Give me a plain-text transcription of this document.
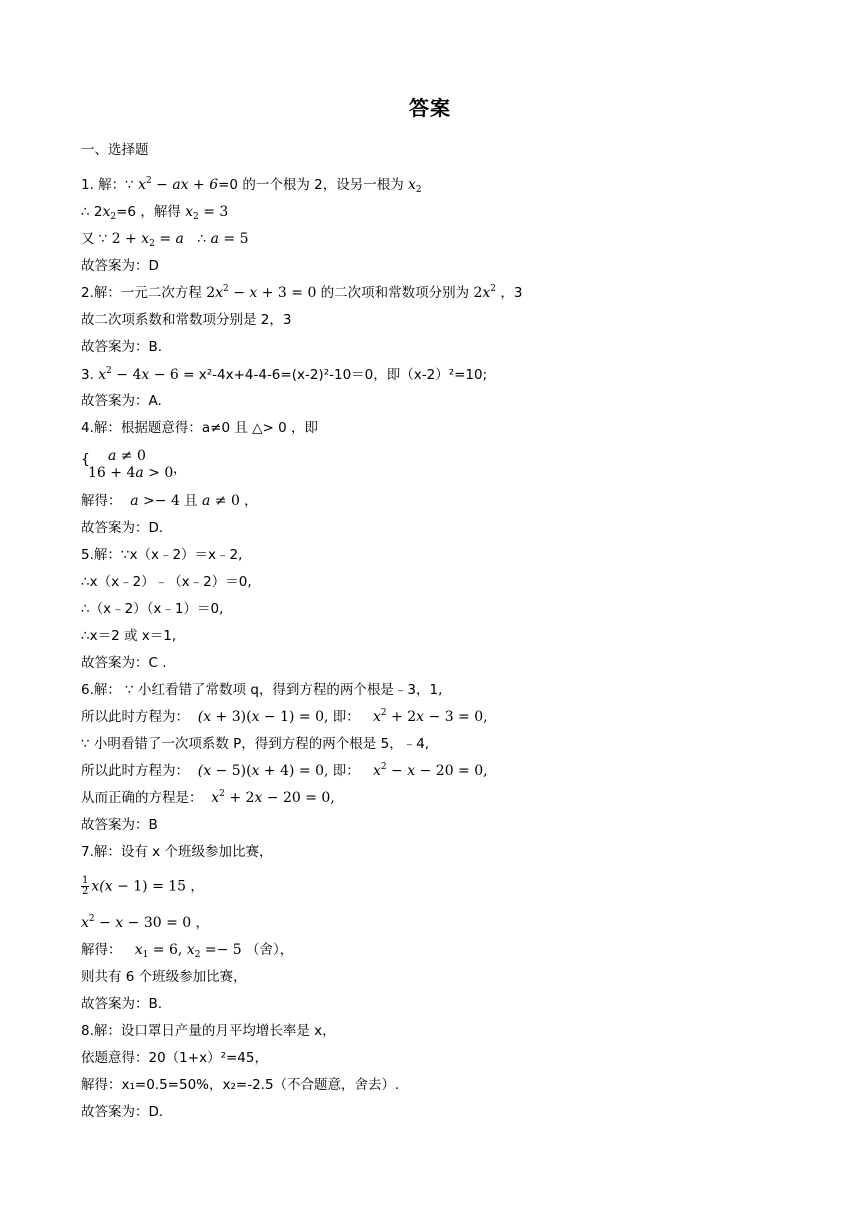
答案
一、选择题
1. 解：∵ $x^2$ − ax + 6=0 的一个根为 2，设另一根为 $x_2$
∴ $2x_2=6$ ，解得 $x_2 = 3$
又 ∵ $2 + x_2 = a$   ∴ a = 5
故答案为：D
2.解：一元二次方程 $2x^2 - x + 3 = 0$ 的二次项和常数项分别为 $2x^2$ ，3
故二次项系数和常数项分别是 2，3
故答案为：B.
3. $x^2 - 4x - 6 = x^2-4x+4-4-6=(x-2)^2-10=0$，即（x-2）²=10;
故答案为：A.
4.解：根据题意得：a≠0 且 △> 0 ，即
{ a ≠ 0
16 + 4a > 0 ，
解得：  a >− 4 且 a ≠ 0 ，
故答案为：D.
5.解：∵x（x﹣2）＝x﹣2,
∴x（x﹣2）﹣（x﹣2）＝0,
∴（x﹣2）（x﹣1）＝0,
∴x＝2 或 x＝1,
故答案为：C .
6.解： ∵ 小红看错了常数项 q，得到方程的两个根是﹣3，1,
所以此时方程为：  (x + 3)(x − 1) = 0, 即：   $x^2 + 2x - 3 = 0$,
∵ 小明看错了一次项系数 P，得到方程的两个根是 5，﹣4,
所以此时方程为：  (x − 5)(x + 4) = 0, 即：   $x^2 - x - 20 = 0$,
从而正确的方程是：  $x^2 + 2x - 20 = 0$,
故答案为：B
7.解：设有 x 个班级参加比赛，
$\frac{1}{2} x(x - 1) = 15$ ，
$x^2 - x - 30 = 0$ ，
解得：   $x_1 = 6$, $x_2 =- 5$ （舍），
则共有 6 个班级参加比赛，
故答案为：B.
8.解：设口罩日产量的月平均增长率是 x，
依题意得：20（1+x）²=45，
解得：x₁=0.5=50%，x₂=-2.5（不合题意，舍去）.
故答案为：D.
